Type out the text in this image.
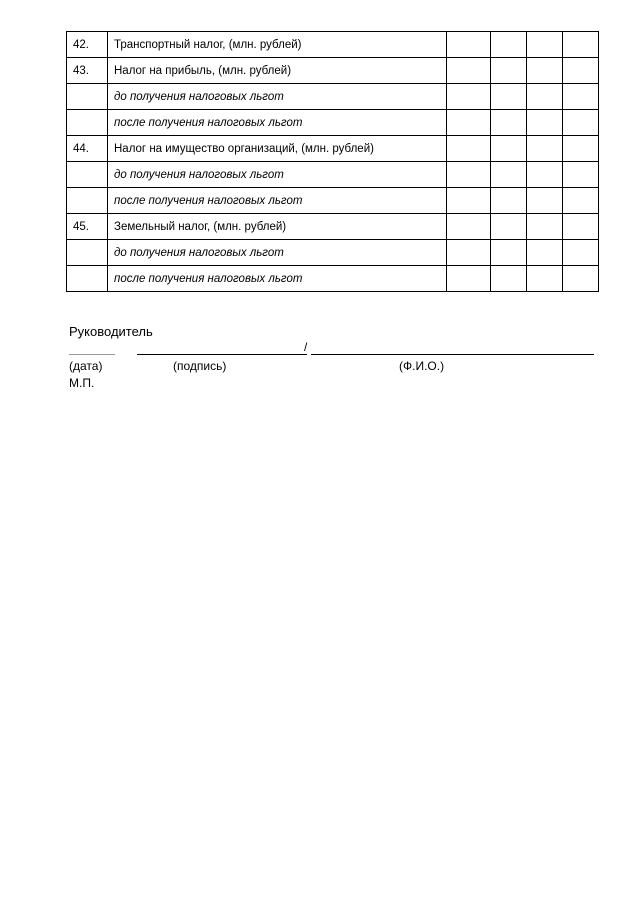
42.	Транспортный налог, (млн. рублей)				
43.	Налог на прибыль, (млн. рублей)				
	до получения налоговых льгот				
	после получения налоговых льгот				
44.	Налог на имущество организаций, (млн. рублей)				
	до получения налоговых льгот				
	после получения налоговых льгот				
45.	Земельный налог, (млн. рублей)				
	до получения налоговых льгот				
	после получения налоговых льгот				
Руководитель
/
(дата)	(подпись)	(Ф.И.О.)
М.П.
